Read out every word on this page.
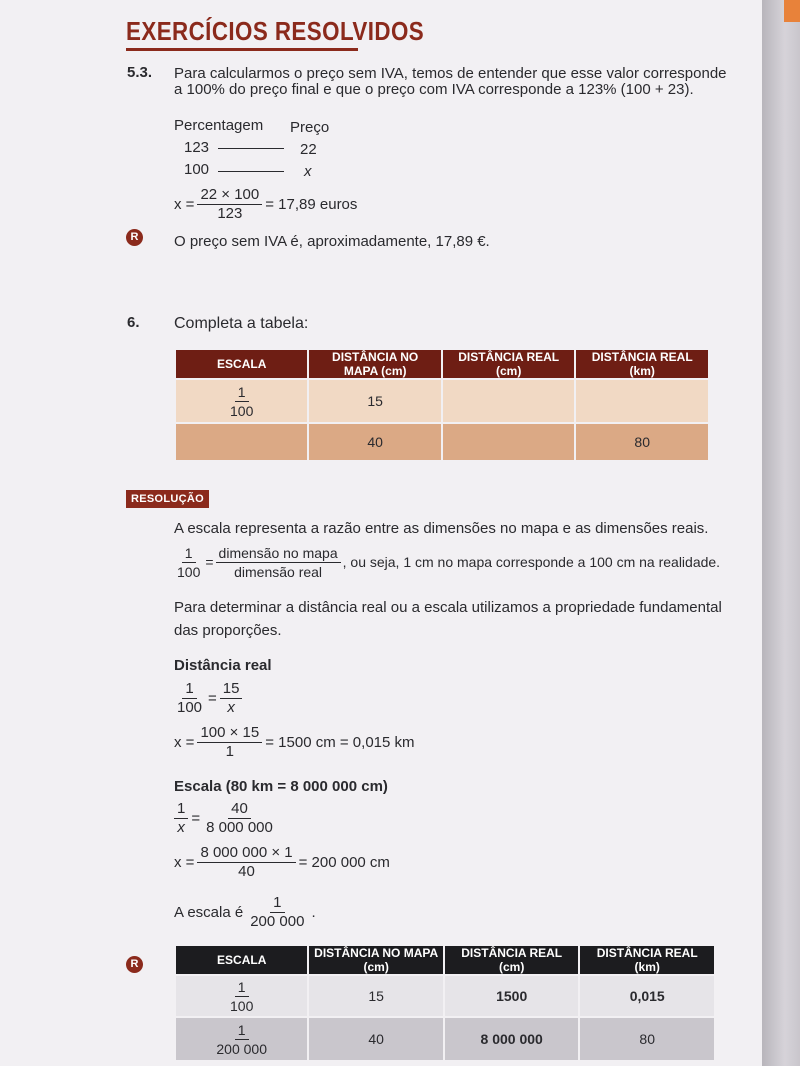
EXERCÍCIOS RESOLVIDOS
5.3. Para calcularmos o preço sem IVA, temos de entender que esse valor corresponde
a 100% do preço final e que o preço com IVA corresponde a 123% (100 + 23).
Percentagem Preço
123	22
100	x
$x = \frac{22 \times 100}{123} = 17,89$ euros
R	O preço sem IVA é, aproximadamente, 17,89 €.
6. Completa a tabela:
ESCALA	DISTÂNCIA NO MAPA (cm)	DISTÂNCIA REAL (cm)	DISTÂNCIA REAL (km)

$\frac{1}{100}$	15		
	40		80
RESOLUÇÃO
A escala representa a razão entre as dimensões no mapa e as dimensões reais.
$\frac{1}{100} = \frac{\text{dimensão no mapa}}{\text{dimensão real}}$ , ou seja, 1 cm no mapa corresponde a 100 cm na realidade.
Para determinar a distância real ou a escala utilizamos a propriedade fundamental
das proporções.
Distância real
$\frac{1}{100} = \frac{15}{x}$
$x = \frac{100 \times 15}{1} = 1500$ cm = 0,015 km
Escala (80 km = 8 000 000 cm)
$\frac{1}{x} = \frac{40}{8 000 000}$
$x = \frac{8 000 000 \times 1}{40} = 200$ 000 cm
A escala é $\frac{1}{200 000}$ .
R	ESCALA	DISTÂNCIA NO MAPA (cm)	DISTÂNCIA REAL (cm)	DISTÂNCIA REAL (km)

$\frac{1}{100}$	15	1500	0,015

$\frac{1}{200 000}$	40	8 000 000	80
